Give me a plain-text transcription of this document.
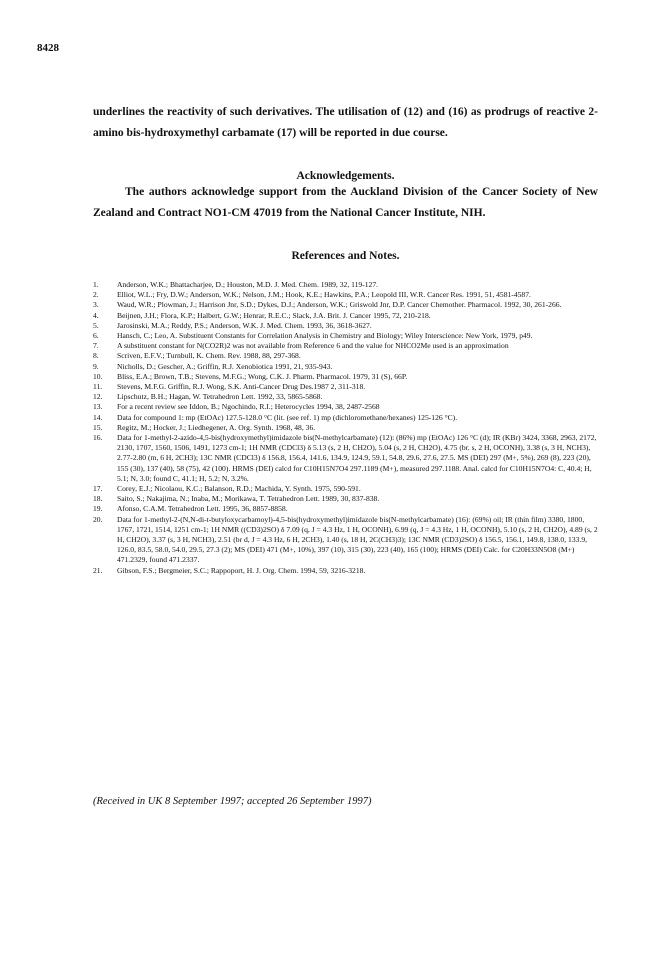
8428

underlines the reactivity of such derivatives. The utilisation of (12) and (16) as prodrugs of reactive 2-amino bis-hydroxymethyl carbamate (17) will be reported in due course.

Acknowledgements.

The authors acknowledge support from the Auckland Division of the Cancer Society of New Zealand and Contract NO1-CM 47019 from the National Cancer Institute, NIH.

References and Notes.

1.	Anderson, W.K.; Bhattacharjee, D.; Houston, M.D. J. Med. Chem. 1989, 32, 119-127.
2.	Elliot, W.L.; Fry, D.W.; Anderson, W.K.; Nelson, J.M.; Hook, K.E.; Hawkins, P.A.; Leopold III, W.R. Cancer Res. 1991, 51, 4581-4587.
3.	Waud, W.R.; Plowman, J.; Harrison Jnr, S.D.; Dykes, D.J.; Anderson, W.K.; Griswold Jnr, D.P. Cancer Chemother. Pharmacol. 1992, 30, 261-266.
4.	Beijnen, J.H.; Flora, K.P.; Halbert, G.W.; Henrar, R.E.C.; Slack, J.A. Brit. J. Cancer 1995, 72, 210-218.
5.	Jarosinski, M.A.; Reddy, P.S.; Anderson, W.K. J. Med. Chem. 1993, 36, 3618-3627.
6.	Hansch, C.; Leo, A. Substituent Constants for Correlation Analysis in Chemistry and Biology; Wiley Interscience: New York, 1979, p49.
7.	A substituent constant for N(CO2R)2 was not available from Reference 6 and the value for NHCO2Me used is an approximation
8.	Scriven, E.F.V.; Turnbull, K. Chem. Rev. 1988, 88, 297-368.
9.	Nicholls, D.; Gescher, A.; Griffin, R.J. Xenobiotica 1991, 21, 935-943.
10.	Bliss, E.A.; Brown, T.B.; Stevens, M.F.G.; Wong, C.K. J. Pharm. Pharmacol. 1979, 31 (S), 66P.
11.	Stevens, M.F.G. Griffin, R.J. Wong, S.K. Anti-Cancer Drug Des.1987 2, 311-318.
12.	Lipschutz, B.H.; Hagan, W. Tetrahedron Lett. 1992, 33, 5865-5868.
13.	For a recent review see Iddon, B.; Ngochindo, R.I.; Heterocycles 1994, 38, 2487-2568
14.	Data for compound 1: mp (EtOAc) 127.5-128.0 °C (lit. (see ref. 1) mp (dichloromethane/hexanes) 125-126 °C).
15.	Regitz, M.; Hocker, J.; Liedhegener, A. Org. Synth. 1968, 48, 36.
16.	Data for 1-methyl-2-azido-4,5-bis(hydroxymethyl)imidazole bis(N-methylcarbamate) (12): (86%) mp (EtOAc) 126 °C (d); IR (KBr) 3424, 3368, 2963, 2172, 2130, 1707, 1560, 1506, 1491, 1273 cm-1; 1H NMR (CDCl3) δ 5.13 (s, 2 H, CH2O), 5.04 (s, 2 H, CH2O), 4.75 (br. s, 2 H, OCONH), 3.38 (s, 3 H, NCH3), 2.77-2.80 (m, 6 H, 2CH3); 13C NMR (CDCl3) δ 156.8, 156.4, 141.6, 134.9, 124.9, 59.1, 54.8, 29.6, 27.6, 27.5. MS (DEI) 297 (M+, 5%), 269 (8), 223 (20), 155 (30), 137 (40), 58 (75), 42 (100). HRMS (DEI) calcd for C10H15N7O4 297.1189 (M+), measured 297.1188. Anal. calcd for C10H15N7O4: C, 40.4; H, 5.1; N, 3.0; found C, 41.1; H, 5.2; N, 3.2%.
17.	Corey, E.J.; Nicolaou, K.C.; Balanson, R.D.; Machida, Y. Synth. 1975, 590-591.
18.	Saito, S.; Nakajima, N.; Inaba, M.; Morikawa, T. Tetrahedron Lett. 1989, 30, 837-838.
19.	Afonso, C.A.M. Tetrahedron Lett. 1995, 36, 8857-8858.
20.	Data for 1-methyl-2-(N,N-di-t-butyloxycarbamoyl)-4,5-bis(hydroxymethyl)imidazole bis(N-methylcarbamate) (16): (69%) oil; IR (thin film) 3380, 1800, 1767, 1721, 1514, 1251 cm-1; 1H NMR ((CD3)2SO) δ 7.09 (q, J = 4.3 Hz, 1 H, OCONH), 6.99 (q, J = 4.3 Hz, 1 H, OCONH), 5.10 (s, 2 H, CH2O), 4.89 (s, 2 H, CH2O), 3.37 (s, 3 H, NCH3), 2.51 (br d, J = 4.3 Hz, 6 H, 2CH3), 1.40 (s, 18 H, 2C(CH3)3); 13C NMR (CD3)2SO) δ 156.5, 156.1, 149.8, 138.0, 133.9, 126.0, 83.5, 58.0, 54.0, 29.5, 27.3 (2); MS (DEI) 471 (M+, 10%), 397 (10), 315 (30), 223 (40), 165 (100); HRMS (DEI) Calc. for C20H33N5O8 (M+) 471.2329, found 471.2337.
21.	Gibson, F.S.; Bergmeier, S.C.; Rappoport, H. J. Org. Chem. 1994, 59, 3216-3218.
(Received in UK 8 September 1997; accepted 26 September 1997)
